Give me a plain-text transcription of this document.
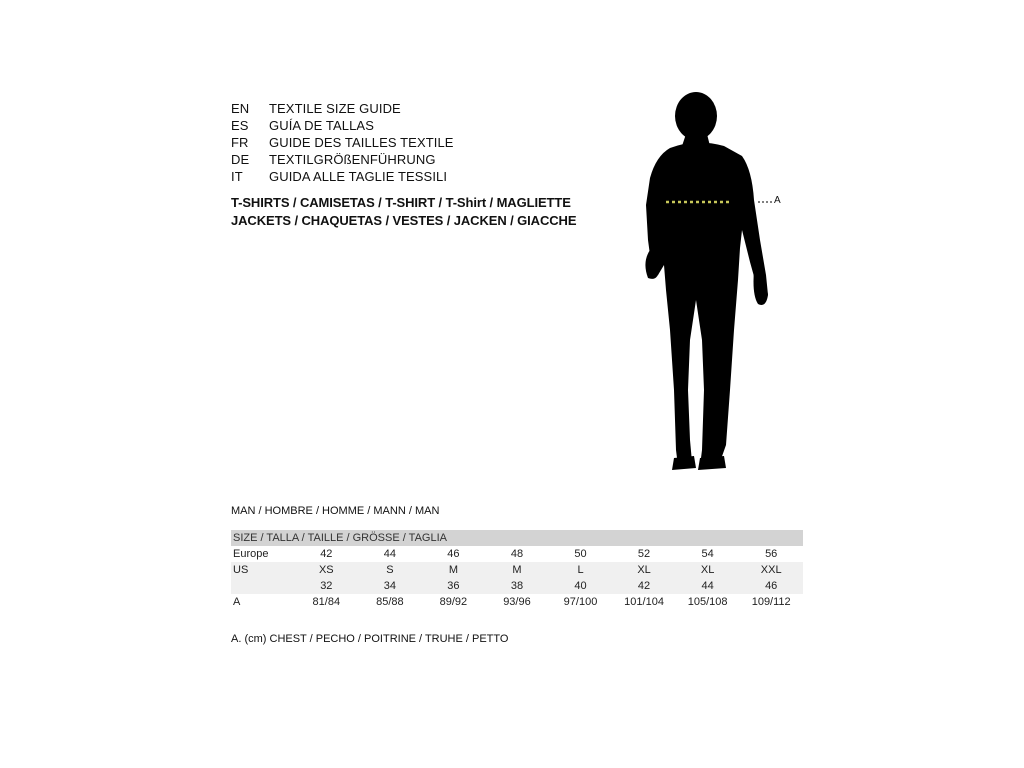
EN	TEXTILE SIZE GUIDE
ES	GUÍA DE TALLAS
FR	GUIDE DES TAILLES TEXTILE
DE	TEXTILGRÖßENFÜHRUNG
IT	GUIDA ALLE TAGLIE TESSILI
T-SHIRTS / CAMISETAS / T-SHIRT / T-Shirt / MAGLIETTE
JACKETS / CHAQUETAS / VESTES / JACKEN / GIACCHE
A
MAN / HOMBRE / HOMME / MANN / MAN
SIZE / TALLA / TAILLE / GRÖSSE / TAGLIA								
Europe	42	44	46	48	50	52	54	56
US	XS	S	M	M	L	XL	XL	XXL
	32	34	36	38	40	42	44	46
A	81/84	85/88	89/92	93/96	97/100	101/104	105/108	109/112
A. (cm) CHEST / PECHO / POITRINE / TRUHE / PETTO
